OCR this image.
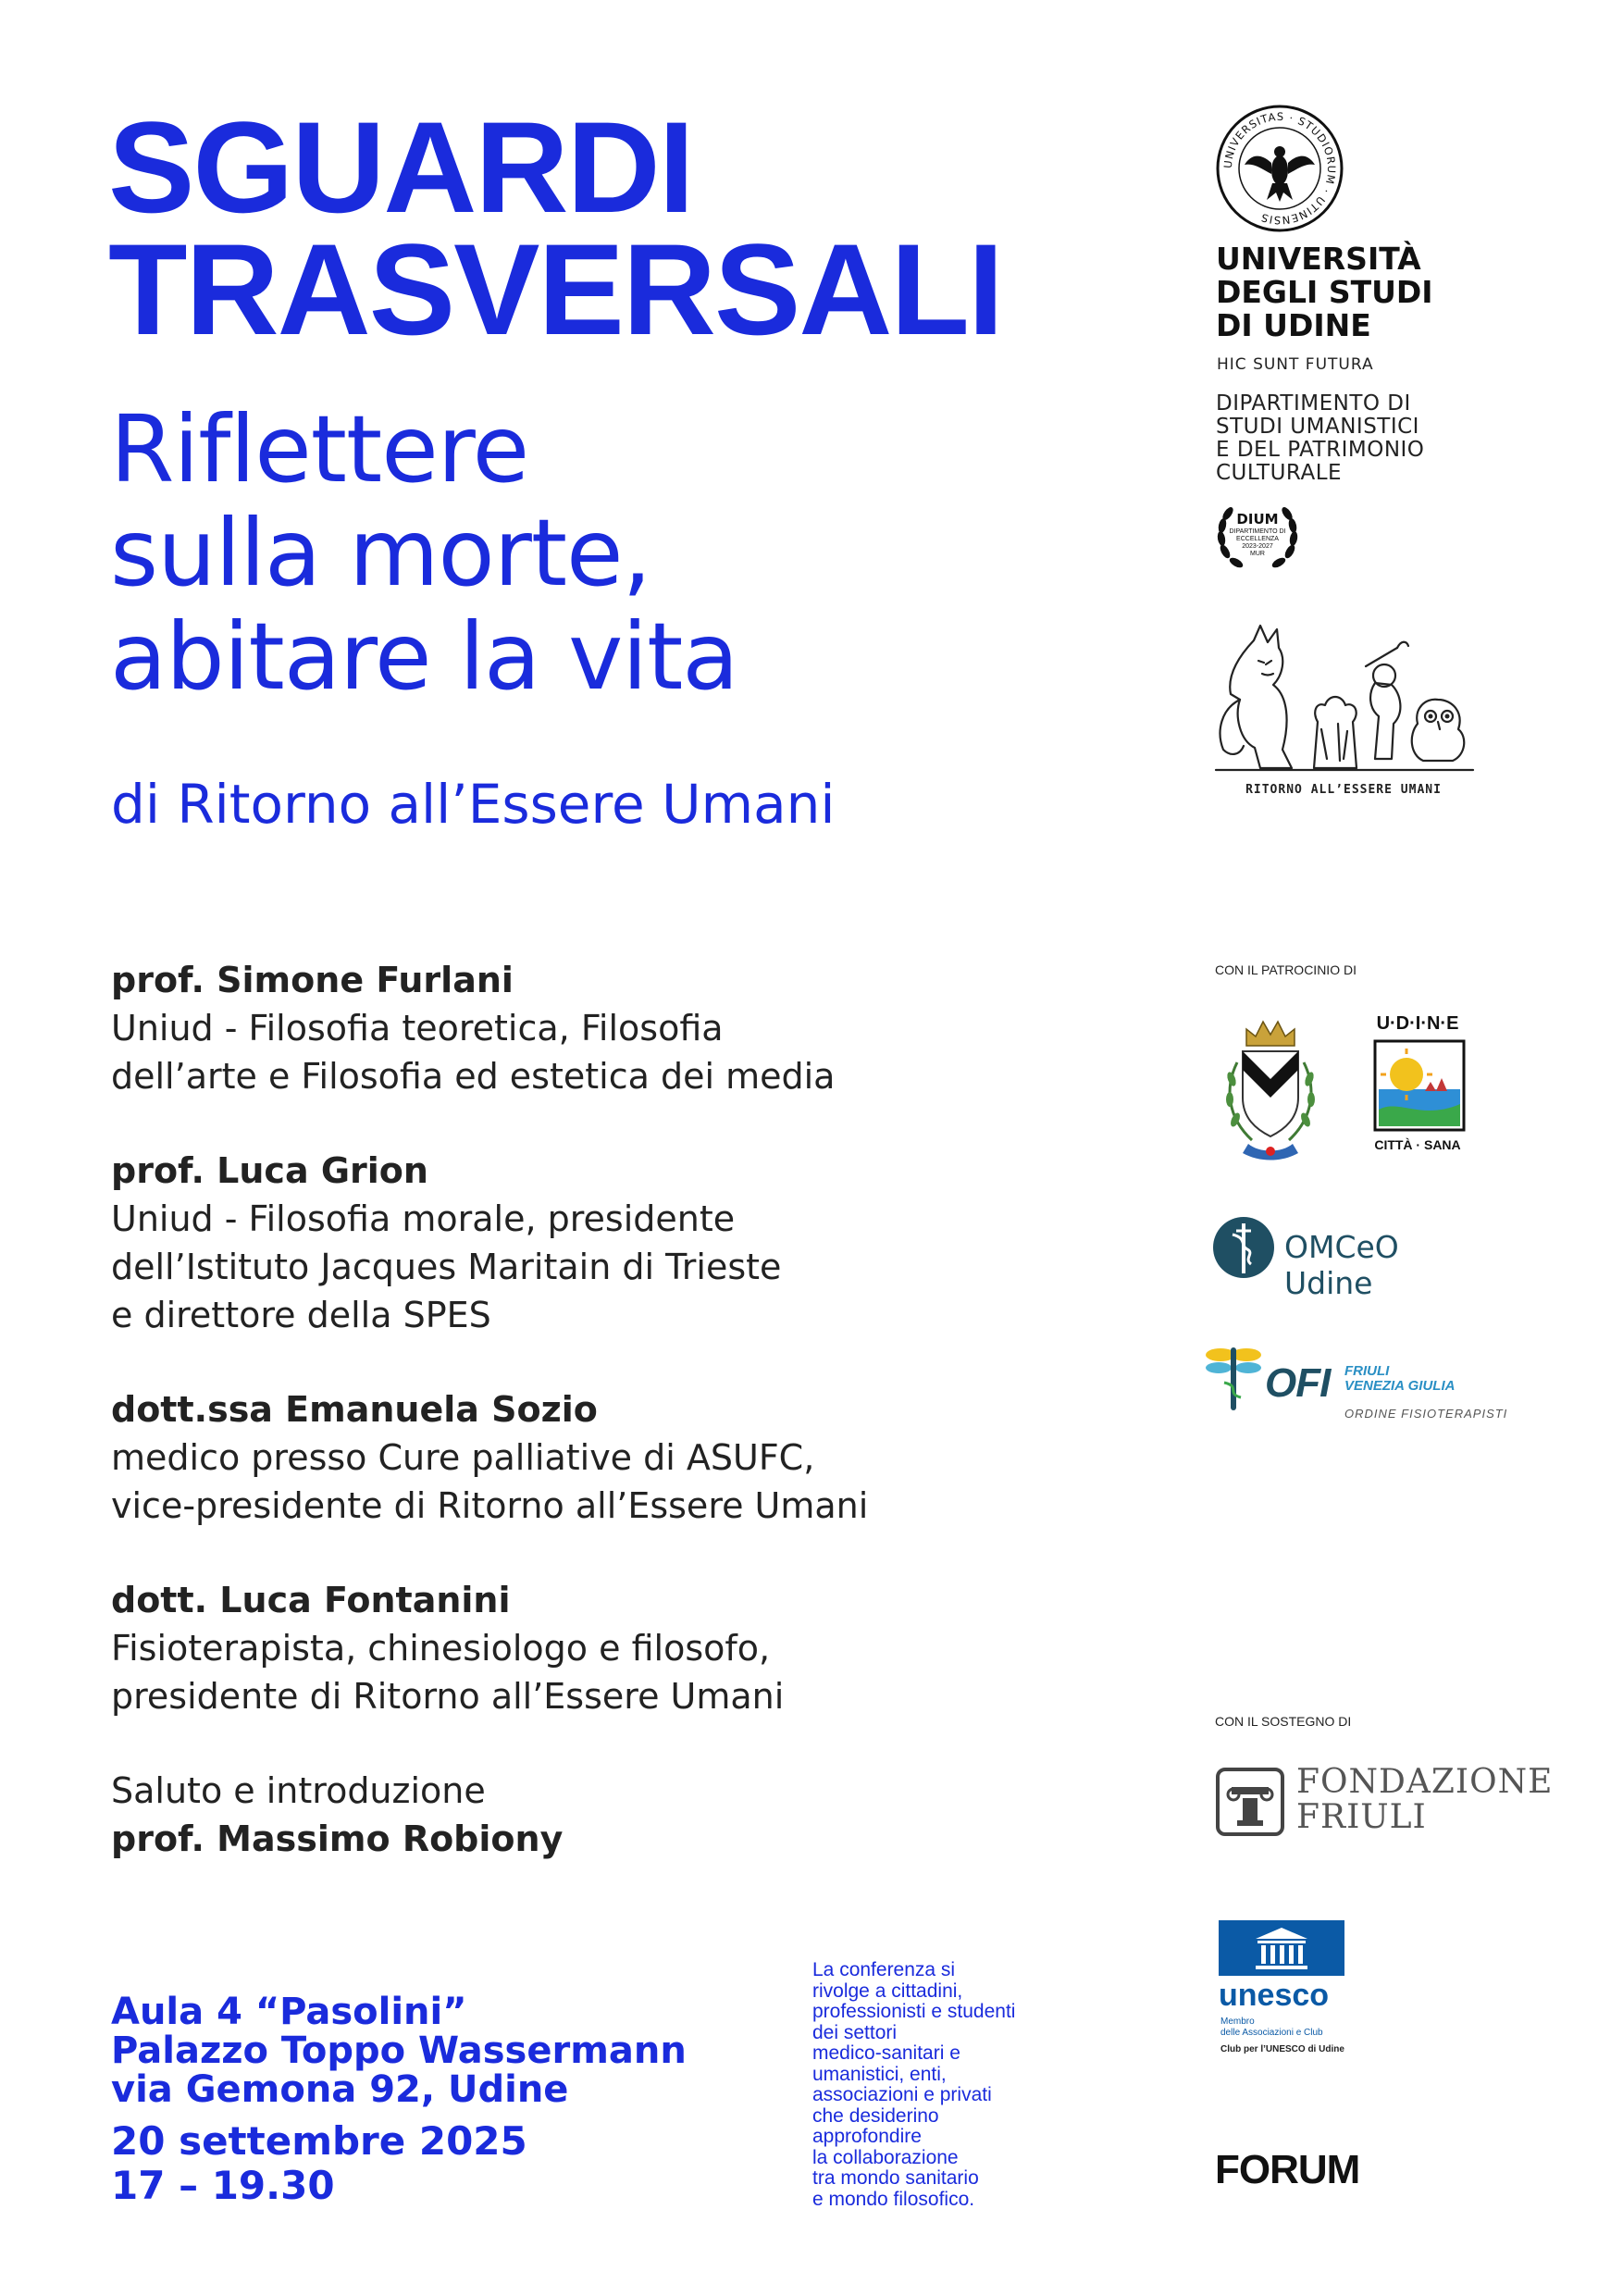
SGUARDI

TRASVERSALI

Riflettere

sulla morte,

abitare la vita

di Ritorno all’Essere Umani
prof. Simone Furlani
Uniud - Filosofia teoretica, Filosofia
dell’arte e Filosofia ed estetica dei media
prof. Luca Grion
Uniud - Filosofia morale, presidente
dell’Istituto Jacques Maritain di Trieste
e direttore della SPES
dott.ssa Emanuela Sozio
medico presso Cure palliative di ASUFC,
vice-presidente di Ritorno all’Essere Umani
dott. Luca Fontanini
Fisioterapista, chinesiologo e filosofo,
presidente di Ritorno all’Essere Umani
Saluto e introduzione
prof. Massimo Robiony
Aula 4 “Pasolini”
Palazzo Toppo Wassermann
via Gemona 92, Udine
20 settembre 2025
17 – 19.30
La conferenza si
rivolge a cittadini,
professionisti e studenti
dei settori
medico-sanitari e
umanistici, enti,
associazioni e privati
che desiderino
approfondire
la collaborazione
tra mondo sanitario
e mondo filosofico.
UNIVERSITAS · STUDIORUM · UTINENSIS
UNIVERSITÀ
DEGLI STUDI
DI UDINE
HIC SUNT FUTURA
DIPARTIMENTO DI
STUDI UMANISTICI
E DEL PATRIMONIO
CULTURALE
DIUM
DIPARTIMENTO DI
ECCELLENZA
2023-2027
MUR
RITORNO ALL’ESSERE UMANI
CON IL PATROCINIO DI
U·D·I·N·E
CITTÀ · SANA
OMCeO Udine
OFI FRIULI
VENEZIA GIULIA
ORDINE FISIOTERAPISTI
CON IL SOSTEGNO DI
FONDAZIONE
FRIULI
unesco
Membro
delle Associazioni e Club
Club per l’UNESCO di Udine
FORUM
